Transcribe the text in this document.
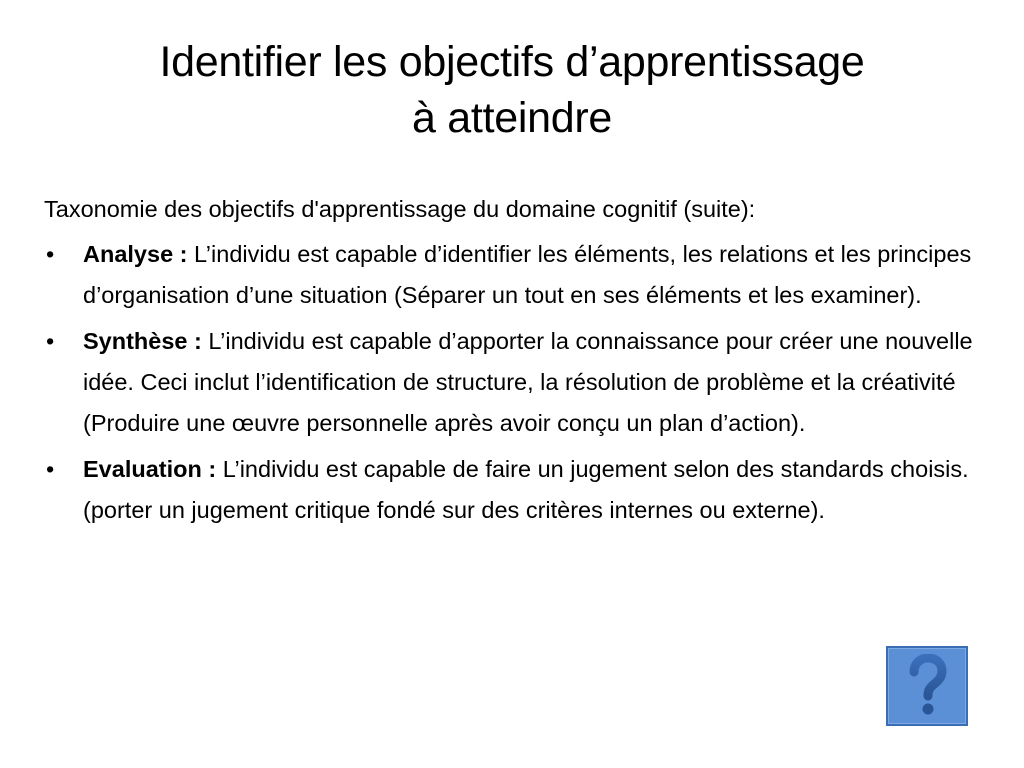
Identifier les objectifs d’apprentissage
à atteindre

Taxonomie des objectifs d'apprentissage du domaine cognitif (suite):

• Analyse : L’individu est capable d’identifier les éléments, les relations et les principes d’organisation d’une situation (Séparer un tout en ses éléments et les examiner).
• Synthèse : L’individu est capable d’apporter la connaissance pour créer une nouvelle idée. Ceci inclut l’identification de structure, la résolution de problème et la créativité (Produire une œuvre personnelle après avoir conçu un plan d’action).
• Evaluation : L’individu est capable de faire un jugement selon des standards choisis. (porter un jugement critique fondé sur des critères internes ou externe).
